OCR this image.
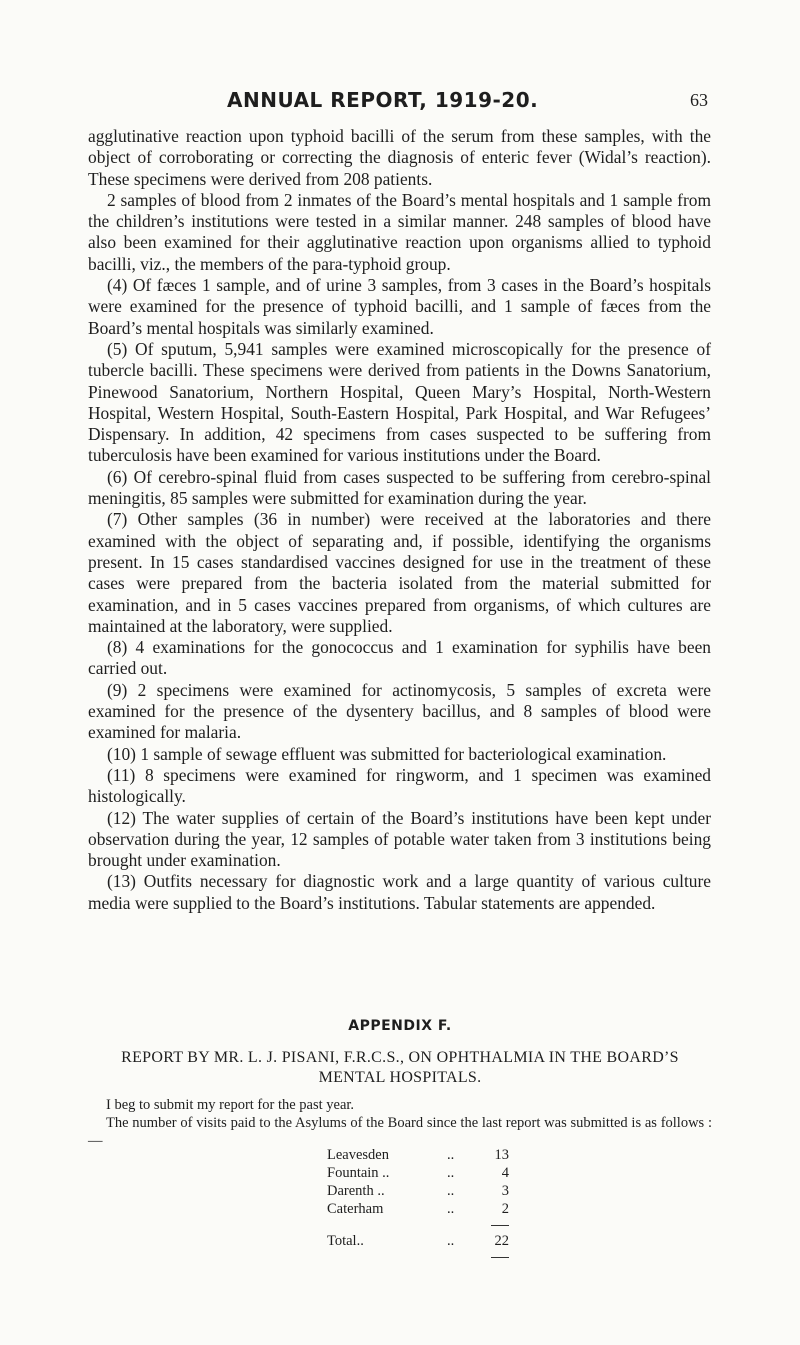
ANNUAL REPORT, 1919-20.	63

agglutinative reaction upon typhoid bacilli of the serum from these samples, with the object of corroborating or correcting the diagnosis of enteric fever (Widal’s reaction). These specimens were derived from 208 patients.

2 samples of blood from 2 inmates of the Board’s mental hospitals and 1 sample from the children’s institutions were tested in a similar manner. 248 samples of blood have also been examined for their agglutinative reaction upon organisms allied to typhoid bacilli, viz., the members of the para-typhoid group.

(4) Of fæces 1 sample, and of urine 3 samples, from 3 cases in the Board’s hospitals were examined for the presence of typhoid bacilli, and 1 sample of fæces from the Board’s mental hospitals was similarly examined.

(5) Of sputum, 5,941 samples were examined microscopically for the presence of tubercle bacilli. These specimens were derived from patients in the Downs Sanatorium, Pinewood Sanatorium, Northern Hospital, Queen Mary’s Hospital, North-Western Hospital, Western Hospital, South-Eastern Hospital, Park Hospital, and War Refugees’ Dispensary. In addition, 42 specimens from cases suspected to be suffering from tuberculosis have been examined for various institutions under the Board.

(6) Of cerebro-spinal fluid from cases suspected to be suffering from cerebro-spinal meningitis, 85 samples were submitted for examination during the year.

(7) Other samples (36 in number) were received at the laboratories and there examined with the object of separating and, if possible, identifying the organisms present. In 15 cases standardised vaccines designed for use in the treatment of these cases were prepared from the bacteria isolated from the material submitted for examination, and in 5 cases vaccines prepared from organisms, of which cultures are maintained at the laboratory, were supplied.

(8) 4 examinations for the gonococcus and 1 examination for syphilis have been carried out.

(9) 2 specimens were examined for actinomycosis, 5 samples of excreta were examined for the presence of the dysentery bacillus, and 8 samples of blood were examined for malaria.

(10) 1 sample of sewage effluent was submitted for bacteriological examination.

(11) 8 specimens were examined for ringworm, and 1 specimen was examined histologically.

(12) The water supplies of certain of the Board’s institutions have been kept under observation during the year, 12 samples of potable water taken from 3 institutions being brought under examination.

(13) Outfits necessary for diagnostic work and a large quantity of various culture media were supplied to the Board’s institutions. Tabular statements are appended.

APPENDIX F.
REPORT BY MR. L. J. PISANI, F.R.C.S., ON OPHTHALMIA IN THE BOARD’S MENTAL HOSPITALS.

I beg to submit my report for the past year.

The number of visits paid to the Asylums of the Board since the last report was submitted is as follows :—

Leavesden	..	13
Fountain ..	..	4
Darenth ..	..	3
Caterham	..	2

Total..	..	22
